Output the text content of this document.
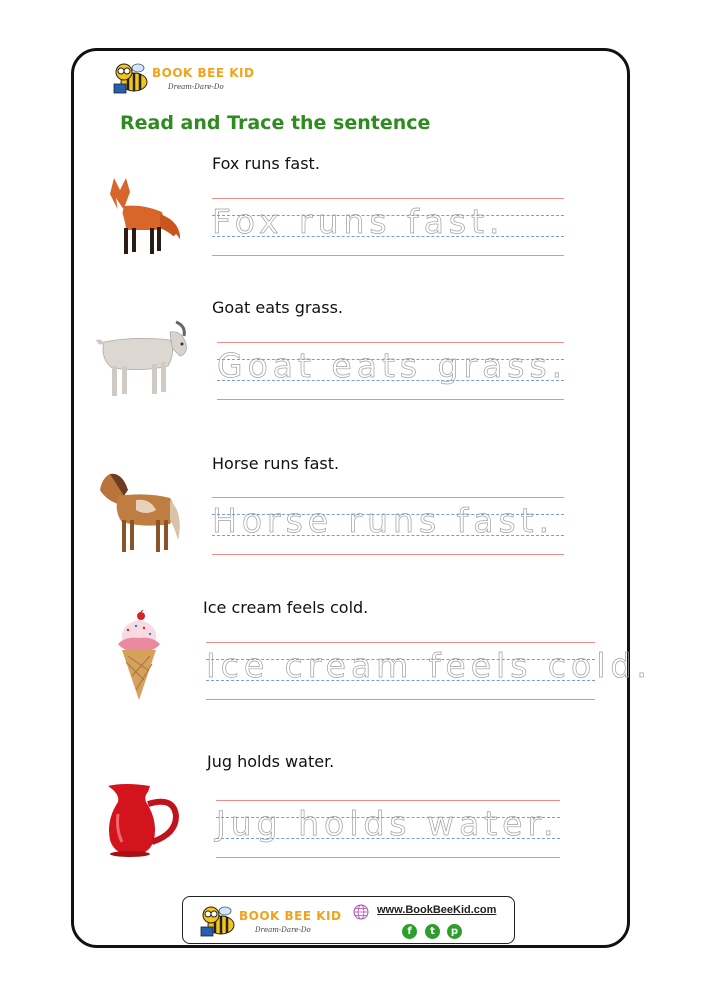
BOOK BEE KID
Dream-Dare-Do
Read and Trace the sentence
Fox runs fast.
Fox runs fast.
Goat eats grass.
Goat eats grass.
Horse runs fast.
Horse runs fast.
Ice cream feels cold.
Ice cream feels cold.
Jug holds water.
Jug holds water.
BOOK BEE KID
Dream-Dare-Do
www.BookBeeKid.com
f	t	p
